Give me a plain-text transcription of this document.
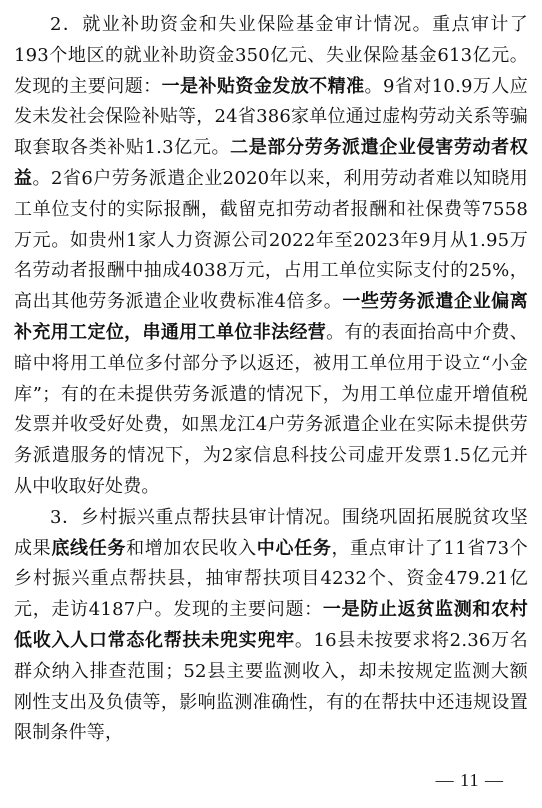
2．就业补助资金和失业保险基金审计情况。重点审计了193个地区的就业补助资金350亿元、失业保险基金613亿元。发现的主要问题：一是补贴资金发放不精准。9省对10.9万人应发未发社会保险补贴等，24省386家单位通过虚构劳动关系等骗取套取各类补贴1.3亿元。二是部分劳务派遣企业侵害劳动者权益。2省6户劳务派遣企业2020年以来，利用劳动者难以知晓用工单位支付的实际报酬，截留克扣劳动者报酬和社保费等7558万元。如贵州1家人力资源公司2022年至2023年9月从1.95万名劳动者报酬中抽成4038万元，占用工单位实际支付的25%，高出其他劳务派遣企业收费标准4倍多。一些劳务派遣企业偏离补充用工定位，串通用工单位非法经营。有的表面抬高中介费、暗中将用工单位多付部分予以返还，被用工单位用于设立“小金库”；有的在未提供劳务派遣的情况下，为用工单位虚开增值税发票并收受好处费，如黑龙江4户劳务派遣企业在实际未提供劳务派遣服务的情况下，为2家信息科技公司虚开发票1.5亿元并从中收取好处费。

3．乡村振兴重点帮扶县审计情况。围绕巩固拓展脱贫攻坚成果底线任务和增加农民收入中心任务，重点审计了11省73个乡村振兴重点帮扶县，抽审帮扶项目4232个、资金479.21亿元，走访4187户。发现的主要问题：一是防止返贫监测和农村低收入人口常态化帮扶未兜实兜牢。16县未按要求将2.36万名群众纳入排查范围；52县主要监测收入，却未按规定监测大额刚性支出及负债等，影响监测准确性，有的在帮扶中还违规设置限制条件等，

— 11 —
